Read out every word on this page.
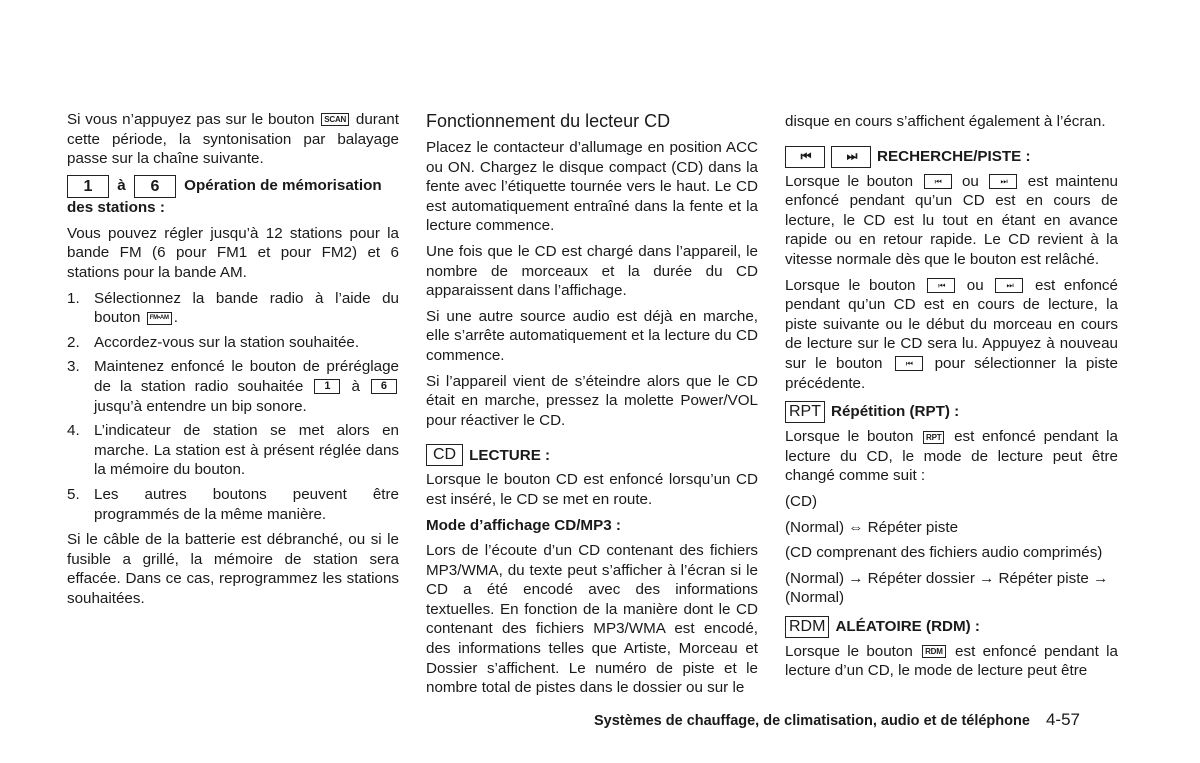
Si vous n’appuyez pas sur le bouton SCAN durant cette période, la syntonisation par balayage passe sur la chaîne suivante.

1 à 6 Opération de mémorisation des stations :

Vous pouvez régler jusqu’à 12 stations pour la bande FM (6 pour FM1 et pour FM2) et 6 stations pour la bande AM.

1. Sélectionnez la bande radio à l’aide du bouton FM•AM .
2. Accordez-vous sur la station souhaitée.
3. Maintenez enfoncé le bouton de préréglage de la station radio souhaitée 1 à 6 jusqu’à entendre un bip sonore.
4. L’indicateur de station se met alors en marche. La station est à présent réglée dans la mémoire du bouton.
5. Les autres boutons peuvent être programmés de la même manière.

Si le câble de la batterie est débranché, ou si le fusible a grillé, la mémoire de station sera effacée. Dans ce cas, reprogrammez les stations souhaitées.

Fonctionnement du lecteur CD

Placez le contacteur d’allumage en position ACC ou ON. Chargez le disque compact (CD) dans la fente avec l’étiquette tournée vers le haut. Le CD est automatiquement entraîné dans la fente et la lecture commence.

Une fois que le CD est chargé dans l’appareil, le nombre de morceaux et la durée du CD apparaissent dans l’affichage.

Si une autre source audio est déjà en marche, elle s’arrête automatiquement et la lecture du CD commence.

Si l’appareil vient de s’éteindre alors que le CD était en marche, pressez la molette Power/VOL pour réactiver le CD.

CD LECTURE :

Lorsque le bouton CD est enfoncé lorsqu’un CD est inséré, le CD se met en route.

Mode d’affichage CD/MP3 :

Lors de l’écoute d’un CD contenant des fichiers MP3/WMA, du texte peut s’afficher à l’écran si le CD a été encodé avec des informations textuelles. En fonction de la manière dont le CD contenant des fichiers MP3/WMA est encodé, des informations telles que Artiste, Morceau et Dossier s’affichent. Le numéro de piste et le nombre total de pistes dans le dossier ou sur le

disque en cours s’affichent également à l’écran.

⏮	⏭	RECHERCHE/PISTE :

Lorsque le bouton	⏮ ou	⏭ est maintenu enfoncé pendant qu’un CD est en cours de lecture, le CD est lu tout en étant en avance rapide ou en retour rapide. Le CD revient à la vitesse normale dès que le bouton est relâché.

Lorsque le bouton	⏮ ou	⏭ est enfoncé pendant qu’un CD est en cours de lecture, la piste suivante ou le début du morceau en cours de lecture sur le CD sera lu. Appuyez à nouveau sur le bouton	⏮ pour sélectionner la piste précédente.

RPT Répétition (RPT) :

Lorsque le bouton RPT est enfoncé pendant la lecture du CD, le mode de lecture peut être changé comme suit :

(CD)

(Normal) ⇔ Répéter piste

(CD comprenant des fichiers audio comprimés)

(Normal) → Répéter dossier → Répéter piste → (Normal)

RDM ALÉATOIRE (RDM) :

Lorsque le bouton RDM est enfoncé pendant la lecture d’un CD, le mode de lecture peut être

Systèmes de chauffage, de climatisation, audio et de téléphone 4-57
